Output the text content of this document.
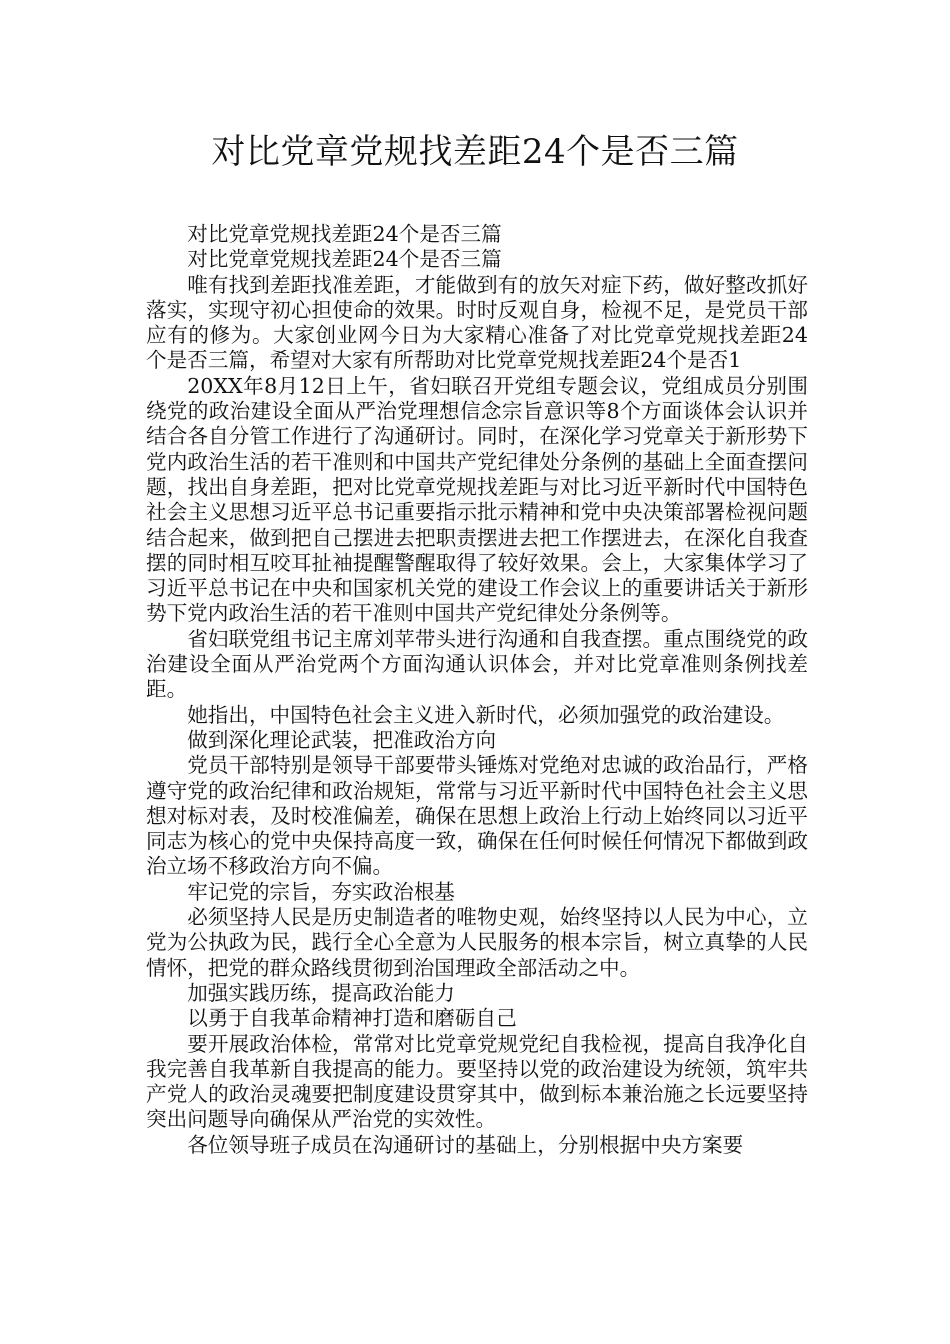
对比党章党规找差距24个是否三篇

对比党章党规找差距24个是否三篇

对比党章党规找差距24个是否三篇

唯有找到差距找准差距，才能做到有的放矢对症下药，做好整改抓好落实，实现守初心担使命的效果。时时反观自身，检视不足，是党员干部应有的修为。大家创业网今日为大家精心准备了对比党章党规找差距24个是否三篇，希望对大家有所帮助对比党章党规找差距24个是否1

20XX年8月12日上午，省妇联召开党组专题会议，党组成员分别围绕党的政治建设全面从严治党理想信念宗旨意识等8个方面谈体会认识并结合各自分管工作进行了沟通研讨。同时，在深化学习党章关于新形势下党内政治生活的若干准则和中国共产党纪律处分条例的基础上全面查摆问题，找出自身差距，把对比党章党规找差距与对比习近平新时代中国特色社会主义思想习近平总书记重要指示批示精神和党中央决策部署检视问题结合起来，做到把自己摆进去把职责摆进去把工作摆进去，在深化自我查摆的同时相互咬耳扯袖提醒警醒取得了较好效果。会上，大家集体学习了习近平总书记在中央和国家机关党的建设工作会议上的重要讲话关于新形势下党内政治生活的若干准则中国共产党纪律处分条例等。

省妇联党组书记主席刘苹带头进行沟通和自我查摆。重点围绕党的政治建设全面从严治党两个方面沟通认识体会，并对比党章准则条例找差距。

她指出，中国特色社会主义进入新时代，必须加强党的政治建设。

做到深化理论武装，把准政治方向

党员干部特别是领导干部要带头锤炼对党绝对忠诚的政治品行，严格遵守党的政治纪律和政治规矩，常常与习近平新时代中国特色社会主义思想对标对表，及时校准偏差，确保在思想上政治上行动上始终同以习近平同志为核心的党中央保持高度一致，确保在任何时候任何情况下都做到政治立场不移政治方向不偏。

牢记党的宗旨，夯实政治根基

必须坚持人民是历史制造者的唯物史观，始终坚持以人民为中心，立党为公执政为民，践行全心全意为人民服务的根本宗旨，树立真挚的人民情怀，把党的群众路线贯彻到治国理政全部活动之中。

加强实践历练，提高政治能力

以勇于自我革命精神打造和磨砺自己

要开展政治体检，常常对比党章党规党纪自我检视，提高自我净化自我完善自我革新自我提高的能力。要坚持以党的政治建设为统领，筑牢共产党人的政治灵魂要把制度建设贯穿其中，做到标本兼治施之长远要坚持突出问题导向确保从严治党的实效性。

各位领导班子成员在沟通研讨的基础上，分别根据中央方案要
